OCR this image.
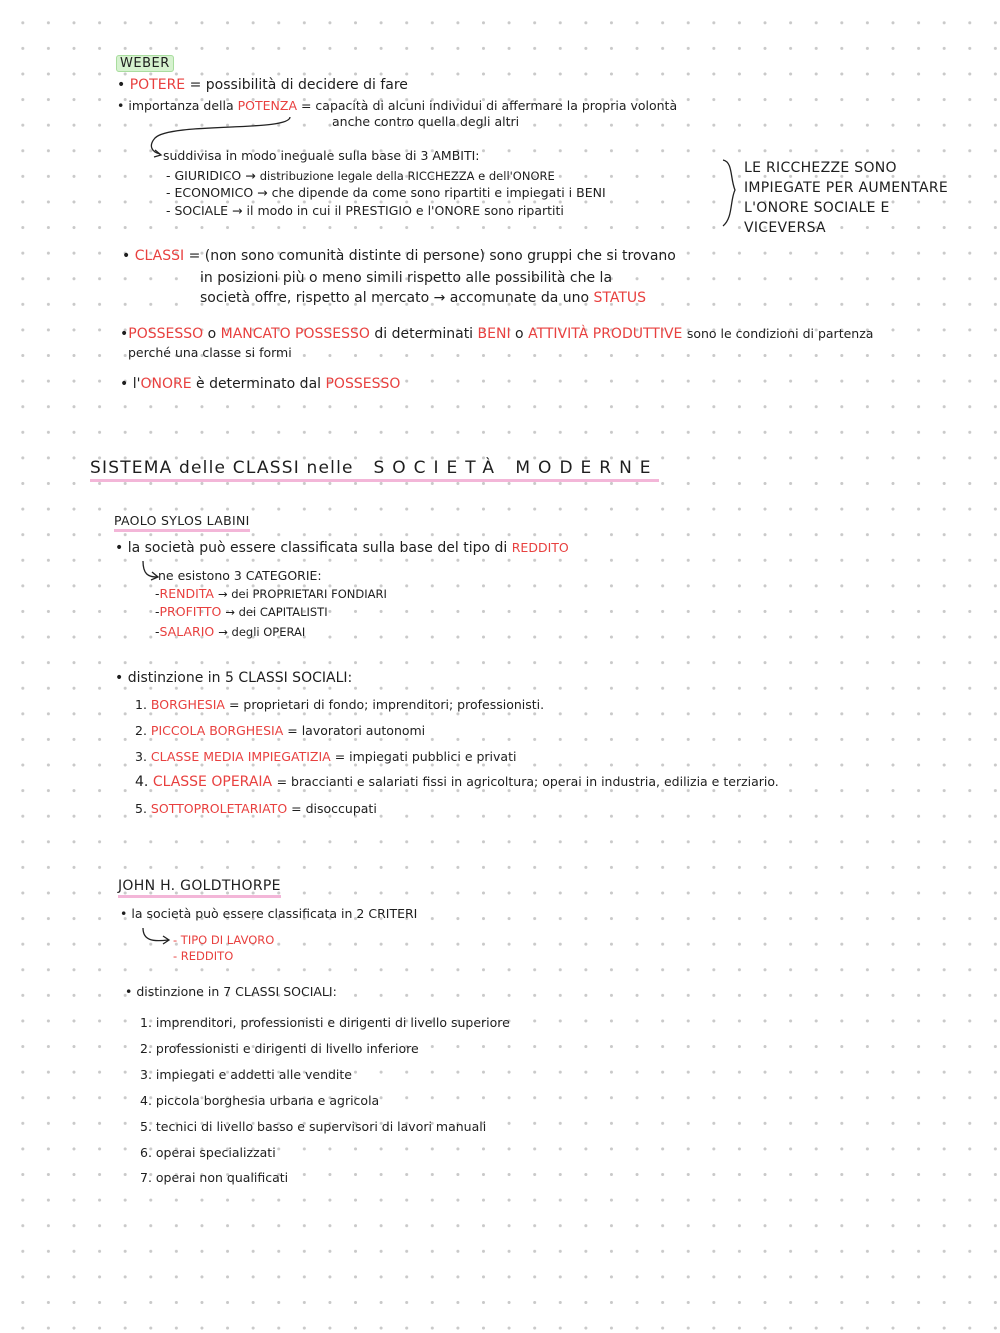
WEBER
• POTERE = possibilità di decidere di fare
• importanza della POTENZA = capacità di alcuni individui di affermare la propria volontà
anche contro quella degli altri
suddivisa in modo ineguale sulla base di 3 AMBITI:
- GIURIDICO → distribuzione legale della RICCHEZZA e dell'ONORE
- ECONOMICO → che dipende da come sono ripartiti e impiegati i BENI
- SOCIALE → il modo in cui il PRESTIGIO e l'ONORE sono ripartiti
LE RICCHEZZE SONO
IMPIEGATE PER AUMENTARE
L'ONORE SOCIALE E
VICEVERSA
• CLASSI = (non sono comunità distinte di persone) sono gruppi che si trovano
in posizioni più o meno simili rispetto alle possibilità che la
società offre, rispetto al mercato → accomunate da uno STATUS
•POSSESSO o MANCATO POSSESSO di determinati BENI o ATTIVITÀ PRODUTTIVE sono le condizioni di partenza
perché una classe si formi
• l'ONORE è determinato dal POSSESSO
SISTEMA delle CLASSI nelle SOCIETÀ MODERNE
PAOLO SYLOS LABINI
• la società può essere classificata sulla base del tipo di REDDITO
ne esistono 3 CATEGORIE:
-RENDITA → dei PROPRIETARI FONDIARI
-PROFITTO → dei CAPITALISTI
-SALARIO → degli OPERAI
• distinzione in 5 CLASSI SOCIALI:
1. BORGHESIA = proprietari di fondo; imprenditori; professionisti.
2. PICCOLA BORGHESIA = lavoratori autonomi
3. CLASSE MEDIA IMPIEGATIZIA = impiegati pubblici e privati
4. CLASSE OPERAIA = braccianti e salariati fissi in agricoltura; operai in industria, edilizia e terziario.
5. SOTTOPROLETARIATO = disoccupati
JOHN H. GOLDTHORPE
• la società può essere classificata in 2 CRITERI
- TIPO DI LAVORO
- REDDITO
• distinzione in 7 CLASSI SOCIALI:
1. imprenditori, professionisti e dirigenti di livello superiore
2. professionisti e dirigenti di livello inferiore
3. impiegati e addetti alle vendite
4. piccola borghesia urbana e agricola
5. tecnici di livello basso e supervisori di lavori manuali
6. operai specializzati
7. operai non qualificati
